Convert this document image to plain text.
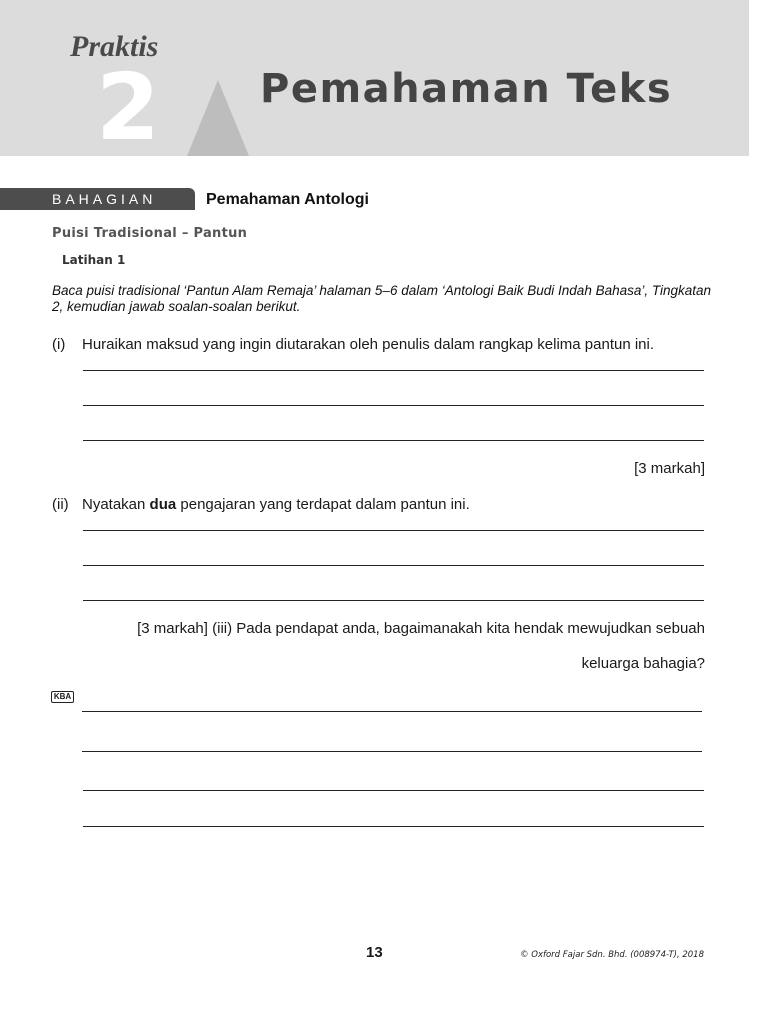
Praktis
2 Pemahaman Teks
BAHAGIAN	Pemahaman Antologi
Puisi Tradisional – Pantun
Latihan 1
Baca puisi tradisional ‘Pantun Alam Remaja’ halaman 5–6 dalam ‘Antologi Baik Budi Indah Bahasa’, Tingkatan 2, kemudian jawab soalan-soalan berikut.
(i) Huraikan maksud yang ingin diutarakan oleh penulis dalam rangkap kelima pantun ini.
[3 markah]
(ii) Nyatakan dua pengajaran yang terdapat dalam pantun ini.
[3 markah] (iii) Pada pendapat anda, bagaimanakah kita hendak mewujudkan sebuah
keluarga bahagia?
KBA
13	© Oxford Fajar Sdn. Bhd. (008974-T), 2018
